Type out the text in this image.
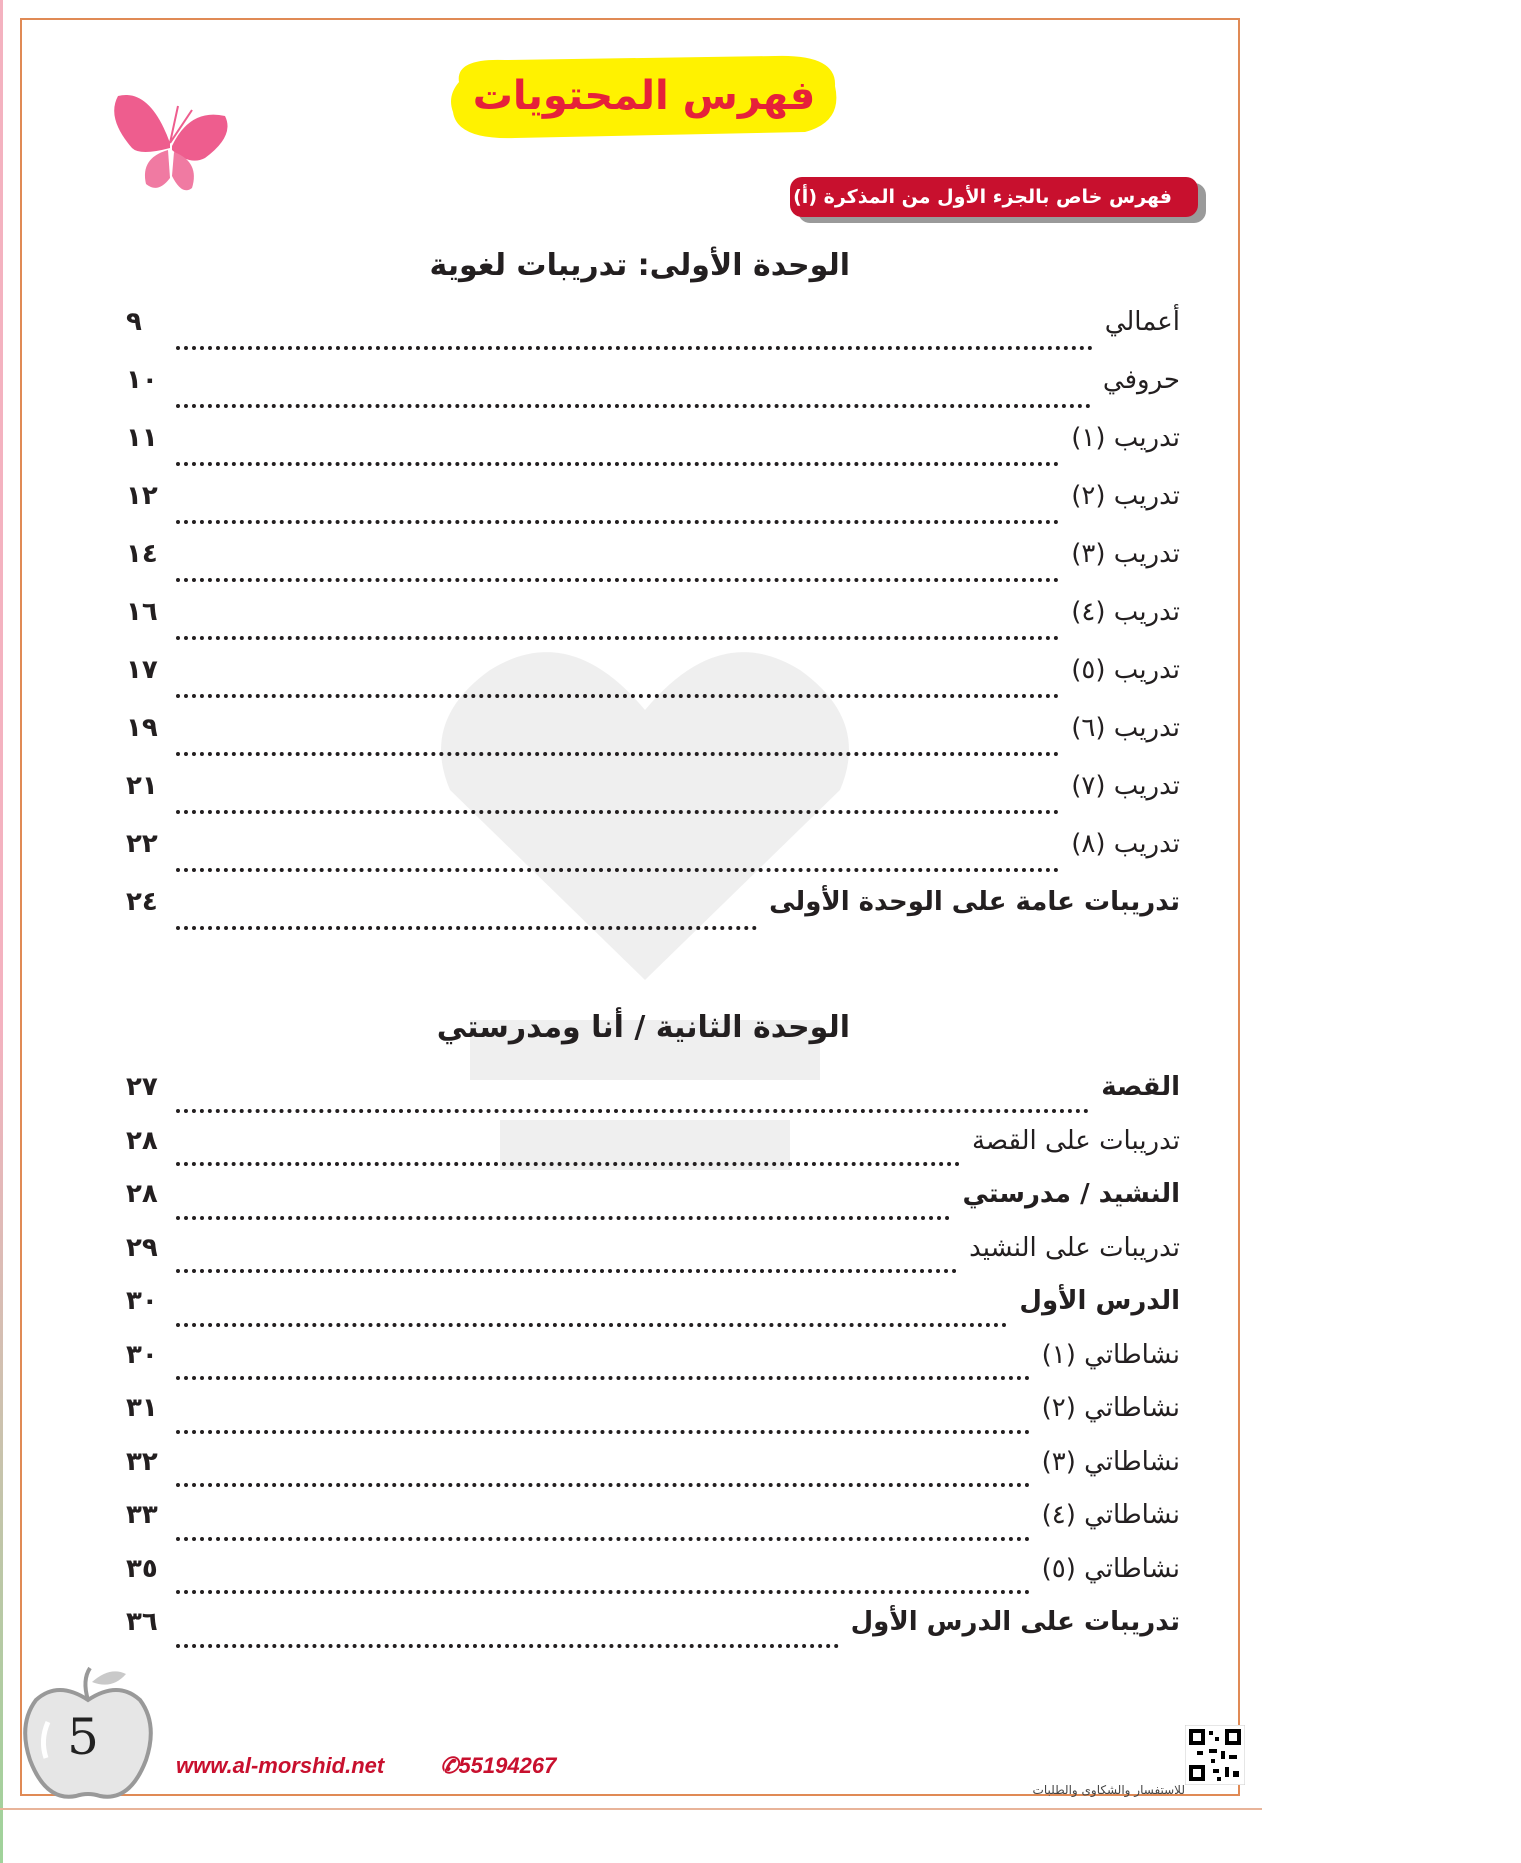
فهرس المحتويات
فهرس خاص بالجزء الأول من المذكرة (أ)
الوحدة الأولى: تدريبات لغوية
أعمالي
٩
حروفي
١٠
تدريب (١)
١١
تدريب (٢)
١٢
تدريب (٣)
١٤
تدريب (٤)
١٦
تدريب (٥)
١٧
تدريب (٦)
١٩
تدريب (٧)
٢١
تدريب (٨)
٢٢
تدريبات عامة على الوحدة الأولى
٢٤
الوحدة الثانية / أنا ومدرستي
القصة
٢٧
تدريبات على القصة
٢٨
النشيد / مدرستي
٢٨
تدريبات على النشيد
٢٩
الدرس الأول
٣٠
نشاطاتي (١)
٣٠
نشاطاتي (٢)
٣١
نشاطاتي (٣)
٣٢
نشاطاتي (٤)
٣٣
نشاطاتي (٥)
٣٥
تدريبات على الدرس الأول
٣٦
5	www.al-morshid.net	✆55194267
للاستفسار والشكاوى والطلبات
